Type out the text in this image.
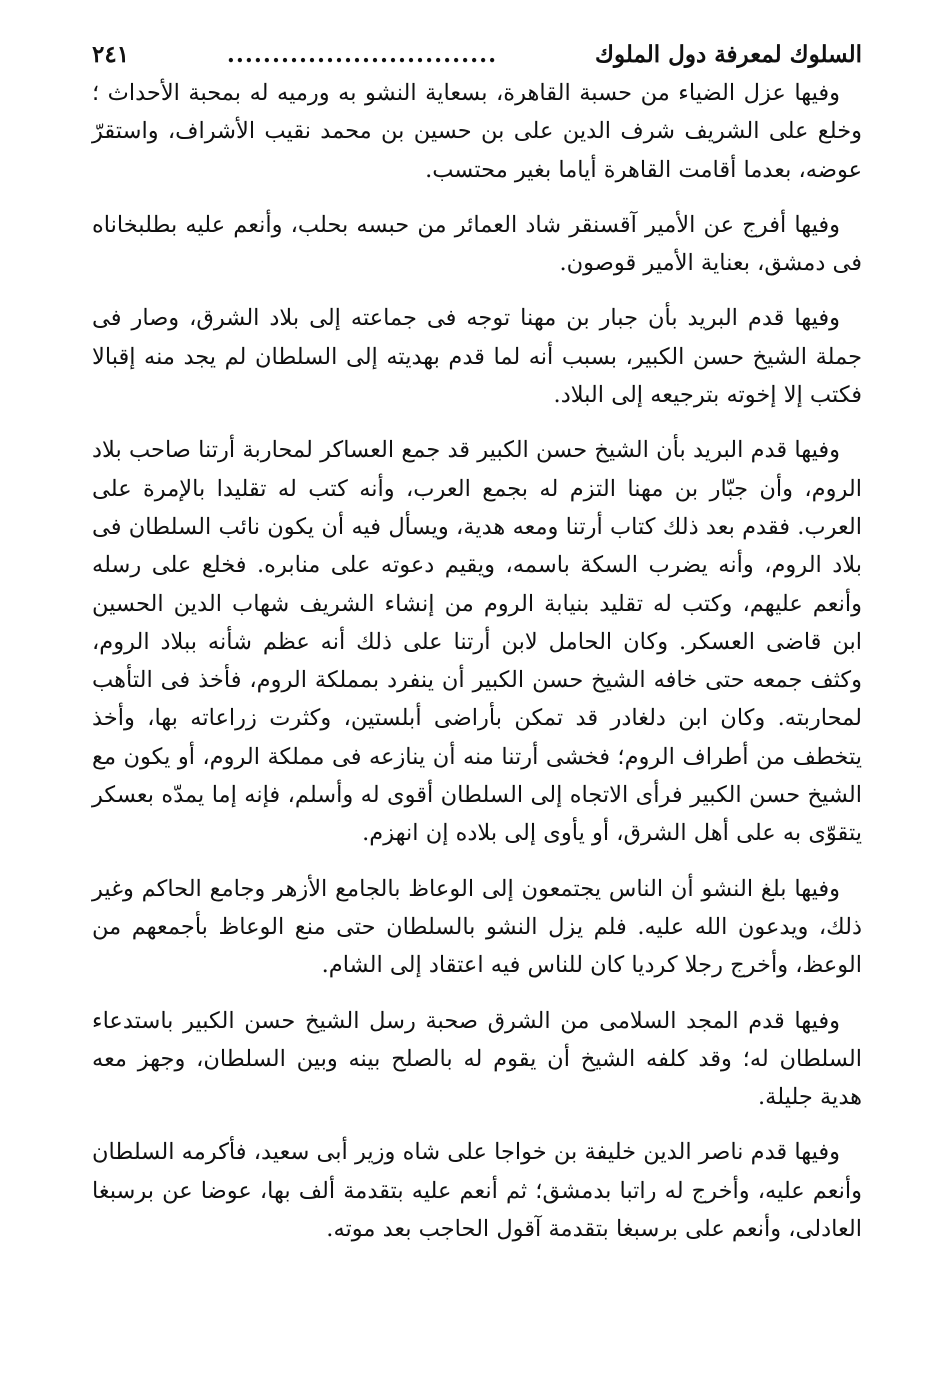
السلوك لمعرفة دول الملوك
..............................
٢٤١

وفيها عزل الضياء من حسبة القاهرة، بسعاية النشو به ورميه له بمحبة الأحداث ؛ وخلع على الشريف شرف الدين على بن حسين بن محمد نقيب الأشراف، واستقرّ عوضه، بعدما أقامت القاهرة أياما بغير محتسب.

وفيها أفرج عن الأمير آقسنقر شاد العمائر من حبسه بحلب، وأنعم عليه بطلبخاناه فى دمشق، بعناية الأمير قوصون.

وفيها قدم البريد بأن جبار بن مهنا توجه فى جماعته إلى بلاد الشرق، وصار فى جملة الشيخ حسن الكبير، بسبب أنه لما قدم بهديته إلى السلطان لم يجد منه إقبالا فكتب إلا إخوته بترجيعه إلى البلاد.

وفيها قدم البريد بأن الشيخ حسن الكبير قد جمع العساكر لمحاربة أرتنا صاحب بلاد الروم، وأن جبّار بن مهنا التزم له بجمع العرب، وأنه كتب له تقليدا بالإمرة على العرب. فقدم بعد ذلك كتاب أرتنا ومعه هدية، ويسأل فيه أن يكون نائب السلطان فى بلاد الروم، وأنه يضرب السكة باسمه، ويقيم دعوته على منابره. فخلع على رسله وأنعم عليهم، وكتب له تقليد بنيابة الروم من إنشاء الشريف شهاب الدين الحسين ابن قاضى العسكر. وكان الحامل لابن أرتنا على ذلك أنه عظم شأنه ببلاد الروم، وكثف جمعه حتى خافه الشيخ حسن الكبير أن ينفرد بمملكة الروم، فأخذ فى التأهب لمحاربته. وكان ابن دلغادر قد تمكن بأراضى أبلستين، وكثرت زراعاته بها، وأخذ يتخطف من أطراف الروم؛ فخشى أرتنا منه أن ينازعه فى مملكة الروم، أو يكون مع الشيخ حسن الكبير فرأى الاتجاه إلى السلطان أقوى له وأسلم، فإنه إما يمدّه بعسكر يتقوّى به على أهل الشرق، أو يأوى إلى بلاده إن انهزم.

وفيها بلغ النشو أن الناس يجتمعون إلى الوعاظ بالجامع الأزهر وجامع الحاكم وغير ذلك، ويدعون الله عليه. فلم يزل النشو بالسلطان حتى منع الوعاظ بأجمعهم من الوعظ، وأخرج رجلا كرديا كان للناس فيه اعتقاد إلى الشام.

وفيها قدم المجد السلامى من الشرق صحبة رسل الشيخ حسن الكبير باستدعاء السلطان له؛ وقد كلفه الشيخ أن يقوم له بالصلح بينه وبين السلطان، وجهز معه هدية جليلة.

وفيها قدم ناصر الدين خليفة بن خواجا على شاه وزير أبى سعيد، فأكرمه السلطان وأنعم عليه، وأخرج له راتبا بدمشق؛ ثم أنعم عليه بتقدمة ألف بها، عوضا عن برسبغا العادلى، وأنعم على برسبغا بتقدمة آقول الحاجب بعد موته.
